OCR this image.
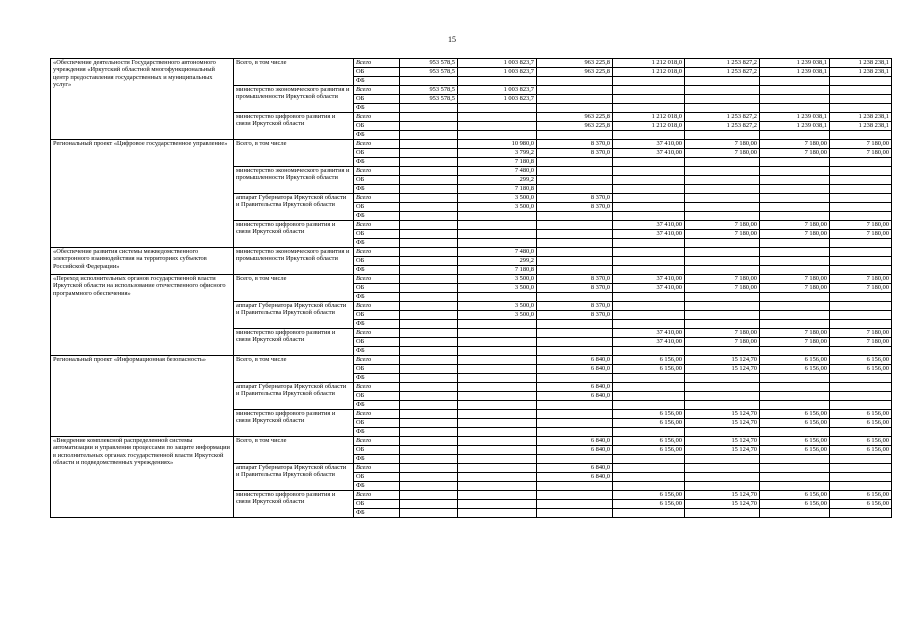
15
«Обеспечение деятельности Государственного автономного учреждения «Иркутский областной многофункциональный центр предоставления государственных и муниципальных услуг»	Всего, в том числе	Всего	953 578,5	1 003 823,7	963 225,8	1 212 018,0	1 253 827,2	1 239 038,1	1 238 238,1
		ОБ	953 578,5	1 003 823,7	963 225,8	1 212 018,0	1 253 827,2	1 239 038,1	1 238 238,1
		ФБ							
	министерство экономического развития и промышленности Иркутской области	Всего	953 578,5	1 003 823,7					
		ОБ	953 578,5	1 003 823,7					
		ФБ							
	министерство цифрового развития и связи Иркутской области	Всего			963 225,8	1 212 018,0	1 253 827,2	1 239 038,1	1 238 238,1
		ОБ			963 225,8	1 212 018,0	1 253 827,2	1 239 038,1	1 238 238,1
		ФБ							
Региональный проект «Цифровое государственное управление»	Всего, в том числе	Всего		10 980,0	8 370,0	37 410,00	7 180,00	7 180,00	7 180,00
		ОБ		3 799,2	8 370,0	37 410,00	7 180,00	7 180,00	7 180,00
		ФБ		7 180,8					
	министерство экономического развития и промышленности Иркутской области	Всего		7 480,0					
		ОБ		299,2					
		ФБ		7 180,8					
	аппарат Губернатора Иркутской области и Правительства Иркутской области	Всего		3 500,0	8 370,0				
		ОБ		3 500,0	8 370,0				
		ФБ							
	министерство цифрового развития и связи Иркутской области	Всего				37 410,00	7 180,00	7 180,00	7 180,00
		ОБ				37 410,00	7 180,00	7 180,00	7 180,00
		ФБ							
«Обеспечение развития системы межведомственного электронного взаимодействия на территориях субъектов Российской Федерации»	министерство экономического развития и промышленности Иркутской области	Всего		7 480,0					
		ОБ		299,2					
		ФБ		7 180,8					
«Переход исполнительных органов государственной власти Иркутской области на использование отечественного офисного программного обеспечения»	Всего, в том числе	Всего		3 500,0	8 370,0	37 410,00	7 180,00	7 180,00	7 180,00
		ОБ		3 500,0	8 370,0	37 410,00	7 180,00	7 180,00	7 180,00
		ФБ							
	аппарат Губернатора Иркутской области и Правительства Иркутской области	Всего		3 500,0	8 370,0				
		ОБ		3 500,0	8 370,0				
		ФБ							
	министерство цифрового развития и связи Иркутской области	Всего				37 410,00	7 180,00	7 180,00	7 180,00
		ОБ				37 410,00	7 180,00	7 180,00	7 180,00
		ФБ							
Региональный проект «Информационная безопасность»	Всего, в том числе	Всего			6 840,0	6 156,00	15 124,70	6 156,00	6 156,00
		ОБ			6 840,0	6 156,00	15 124,70	6 156,00	6 156,00
		ФБ							
	аппарат Губернатора Иркутской области и Правительства Иркутской области	Всего			6 840,0				
		ОБ			6 840,0				
		ФБ							
	министерство цифрового развития и связи Иркутской области	Всего				6 156,00	15 124,70	6 156,00	6 156,00
		ОБ				6 156,00	15 124,70	6 156,00	6 156,00
		ФБ							
«Внедрение комплексной распределенной системы автоматизации и управления процессами по защите информации в исполнительных органах государственной власти Иркутской области и подведомственных учреждениях»	Всего, в том числе	Всего			6 840,0	6 156,00	15 124,70	6 156,00	6 156,00
		ОБ			6 840,0	6 156,00	15 124,70	6 156,00	6 156,00
		ФБ							
	аппарат Губернатора Иркутской области и Правительства Иркутской области	Всего			6 840,0				
		ОБ			6 840,0				
		ФБ							
	министерство цифрового развития и связи Иркутской области	Всего				6 156,00	15 124,70	6 156,00	6 156,00
		ОБ				6 156,00	15 124,70	6 156,00	6 156,00
		ФБ							
